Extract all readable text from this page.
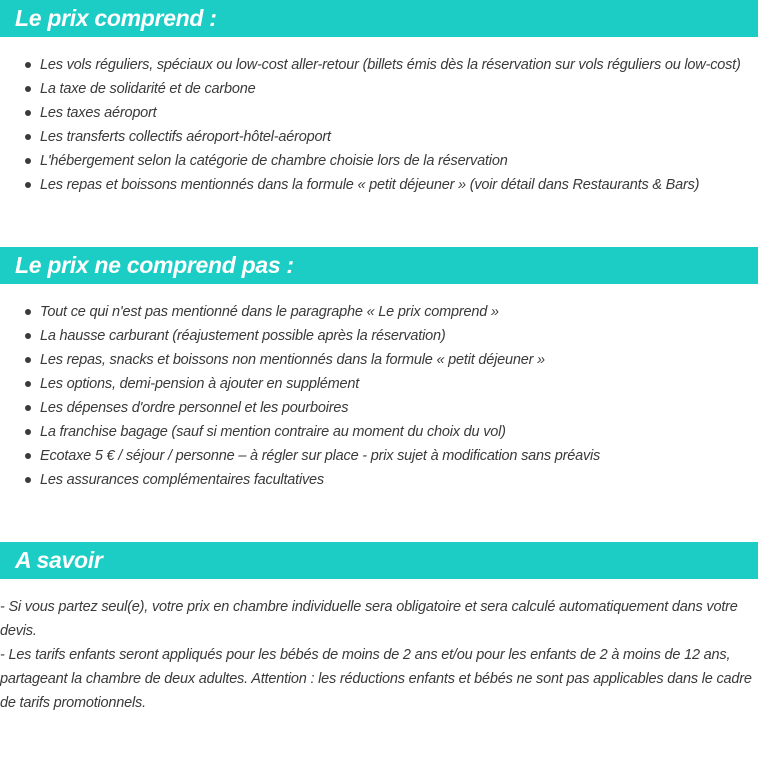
Le prix comprend :
Les vols réguliers, spéciaux ou low-cost aller-retour (billets émis dès la réservation sur vols réguliers ou low-cost)
La taxe de solidarité et de carbone
Les taxes aéroport
Les transferts collectifs aéroport-hôtel-aéroport
L'hébergement selon la catégorie de chambre choisie lors de la réservation
Les repas et boissons mentionnés dans la formule « petit déjeuner » (voir détail dans Restaurants & Bars)
Le prix ne comprend pas :
Tout ce qui n'est pas mentionné dans le paragraphe « Le prix comprend »
La hausse carburant (réajustement possible après la réservation)
Les repas, snacks et boissons non mentionnés dans la formule « petit déjeuner »
Les options, demi-pension à ajouter en supplément
Les dépenses d'ordre personnel et les pourboires
La franchise bagage (sauf si mention contraire au moment du choix du vol)
Ecotaxe 5 € / séjour / personne – à régler sur place - prix sujet à modification sans préavis
Les assurances complémentaires facultatives
A savoir

- Si vous partez seul(e), votre prix en chambre individuelle sera obligatoire et sera calculé automatiquement dans votre devis.

- Les tarifs enfants seront appliqués pour les bébés de moins de 2 ans et/ou pour les enfants de 2 à moins de 12 ans, partageant la chambre de deux adultes. Attention : les réductions enfants et bébés ne sont pas applicables dans le cadre de tarifs promotionnels.
